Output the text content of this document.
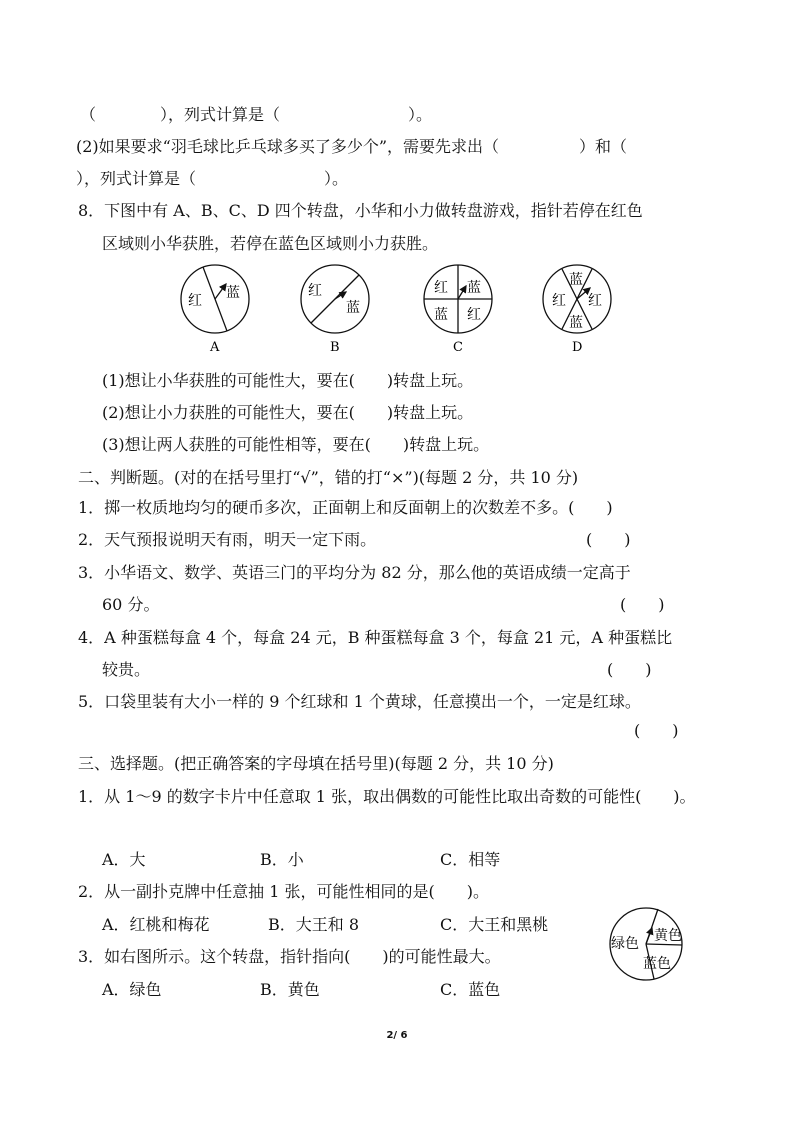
（　　　　），列式计算是（　　　　　　　　）。
(2)如果要求“羽毛球比乒乓球多买了多少个”，需要先求出（　　　　　）和（
），列式计算是（　　　　　　　　）。
8．下图中有 A、B、C、D 四个转盘，小华和小力做转盘游戏，指针若停在红色
区域则小华获胜，若停在蓝色区域则小力获胜。
红 蓝
A
红
蓝
B
红 蓝
蓝 红
C
蓝
红 红
蓝
D
(1)想让小华获胜的可能性大，要在(　　)转盘上玩。
(2)想让小力获胜的可能性大，要在(　　)转盘上玩。
(3)想让两人获胜的可能性相等，要在(　　)转盘上玩。
二、判断题。(对的在括号里打“√”，错的打“×”)(每题 2 分，共 10 分)
1．掷一枚质地均匀的硬币多次，正面朝上和反面朝上的次数差不多。(　　)
2．天气预报说明天有雨，明天一定下雨。	(　　)
3．小华语文、数学、英语三门的平均分为 82 分，那么他的英语成绩一定高于
60 分。	(　　)
4．A 种蛋糕每盒 4 个，每盒 24 元，B 种蛋糕每盒 3 个，每盒 21 元，A 种蛋糕比
较贵。	(　　)
5．口袋里装有大小一样的 9 个红球和 1 个黄球，任意摸出一个，一定是红球。
(　　)
三、选择题。(把正确答案的字母填在括号里)(每题 2 分，共 10 分)
1．从 1～9 的数字卡片中任意取 1 张，取出偶数的可能性比取出奇数的可能性(　　)。
A．大	B．小	C．相等
2．从一副扑克牌中任意抽 1 张，可能性相同的是(　　)。
A．红桃和梅花	B．大王和 8	C．大王和黑桃
3．如右图所示。这个转盘，指针指向(　　)的可能性最大。
A．绿色	B．黄色	C．蓝色
绿色 黄色
蓝色
2/ 6
